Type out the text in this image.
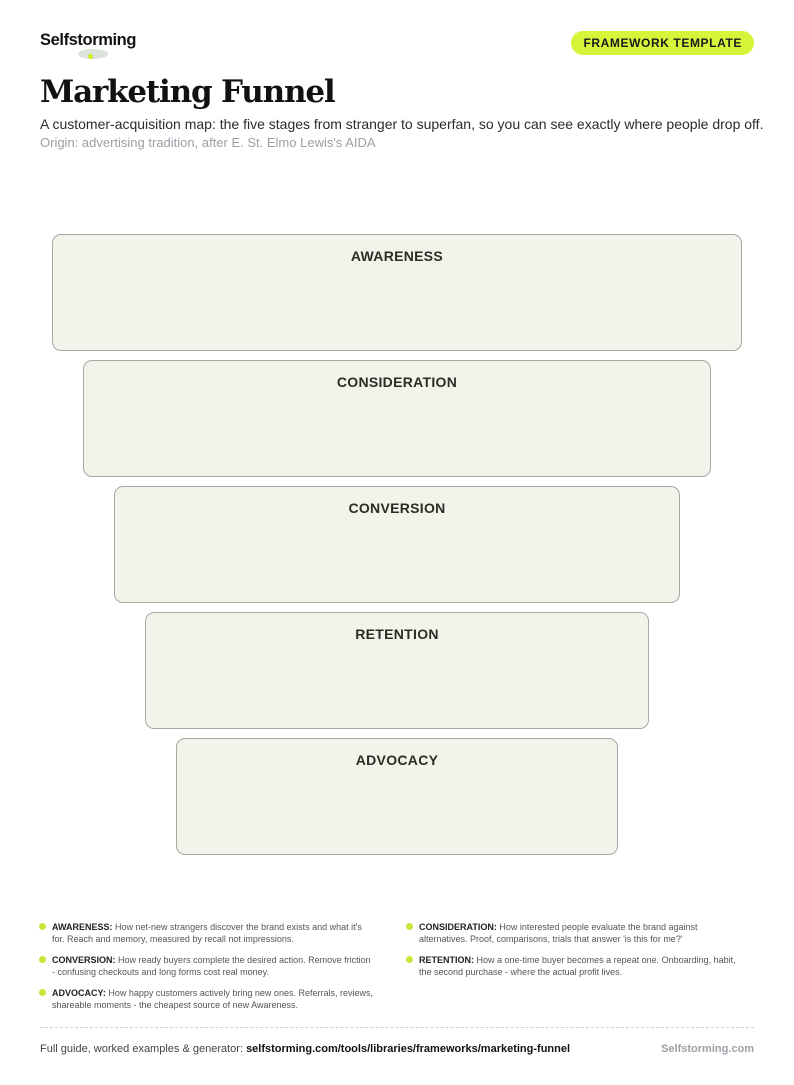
Selfstorming	FRAMEWORK TEMPLATE
Marketing Funnel
A customer-acquisition map: the five stages from stranger to superfan, so you can see exactly where people drop off.
Origin: advertising tradition, after E. St. Elmo Lewis's AIDA
AWARENESS
CONSIDERATION
CONVERSION
RETENTION
ADVOCACY
AWARENESS: How net-new strangers discover the brand exists and what it's for. Reach and memory, measured by recall not impressions.
CONSIDERATION: How interested people evaluate the brand against alternatives. Proof, comparisons, trials that answer 'is this for me?'
CONVERSION: How ready buyers complete the desired action. Remove friction - confusing checkouts and long forms cost real money.
RETENTION: How a one-time buyer becomes a repeat one. Onboarding, habit, the second purchase - where the actual profit lives.
ADVOCACY: How happy customers actively bring new ones. Referrals, reviews, shareable moments - the cheapest source of new Awareness.
Full guide, worked examples & generator: selfstorming.com/tools/libraries/frameworks/marketing-funnel	Selfstorming.com
